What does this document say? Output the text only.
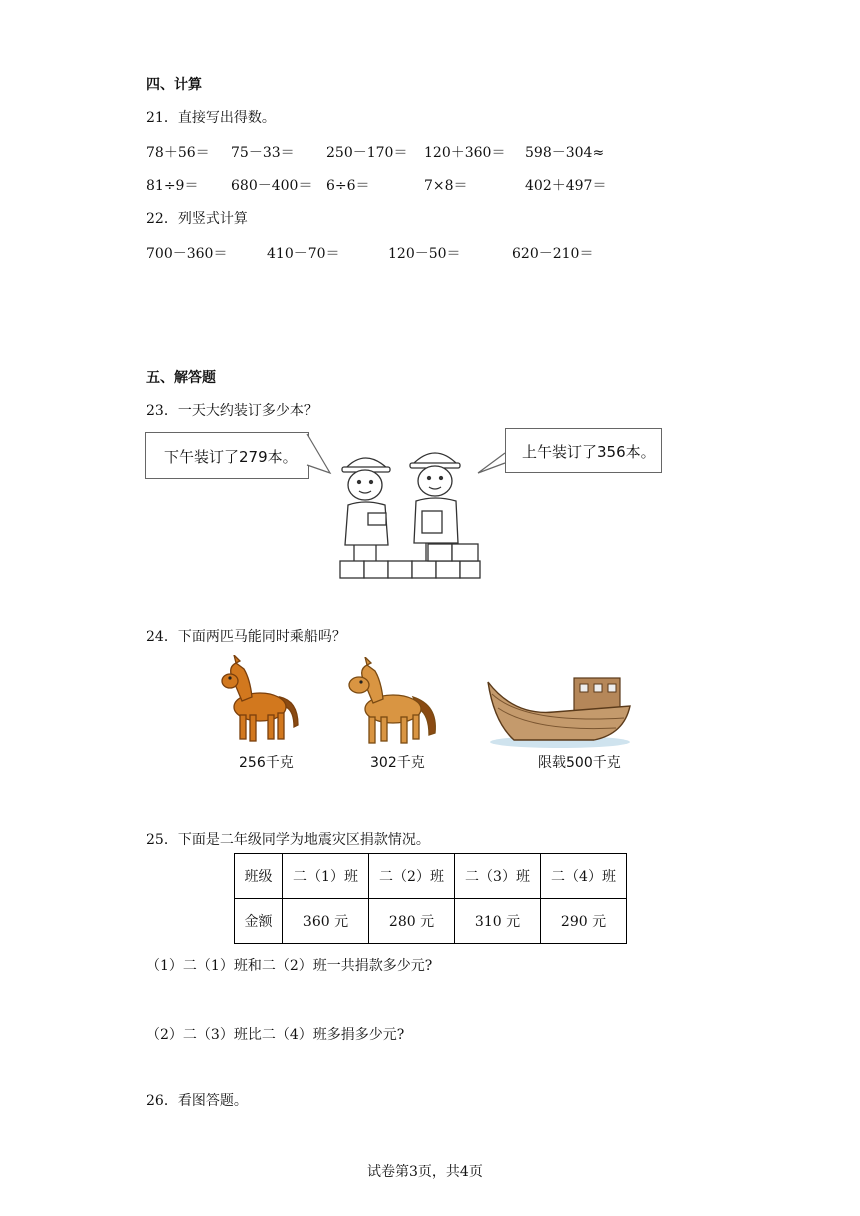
四、计算
21．直接写出得数。
78＋56＝ 75－33＝ 250－170＝ 120＋360＝ 598－304≈
81÷9＝ 680－400＝ 6÷6＝	7×8＝	402＋497＝
22．列竖式计算
700－360＝	410－70＝	120－50＝	620－210＝
五、解答题
23．一天大约装订多少本？
下午装订了279本。	上午装订了356本。
24．下面两匹马能同时乘船吗？
256千克	302千克	限载500千克
25．下面是二年级同学为地震灾区捐款情况。
班级	二（1）班	二（2）班	二（3）班	二（4）班
金额	360 元	280 元	310 元	290 元
（1）二（1）班和二（2）班一共捐款多少元?
（2）二（3）班比二（4）班多捐多少元?
26．看图答题。
试卷第3页，共4页
